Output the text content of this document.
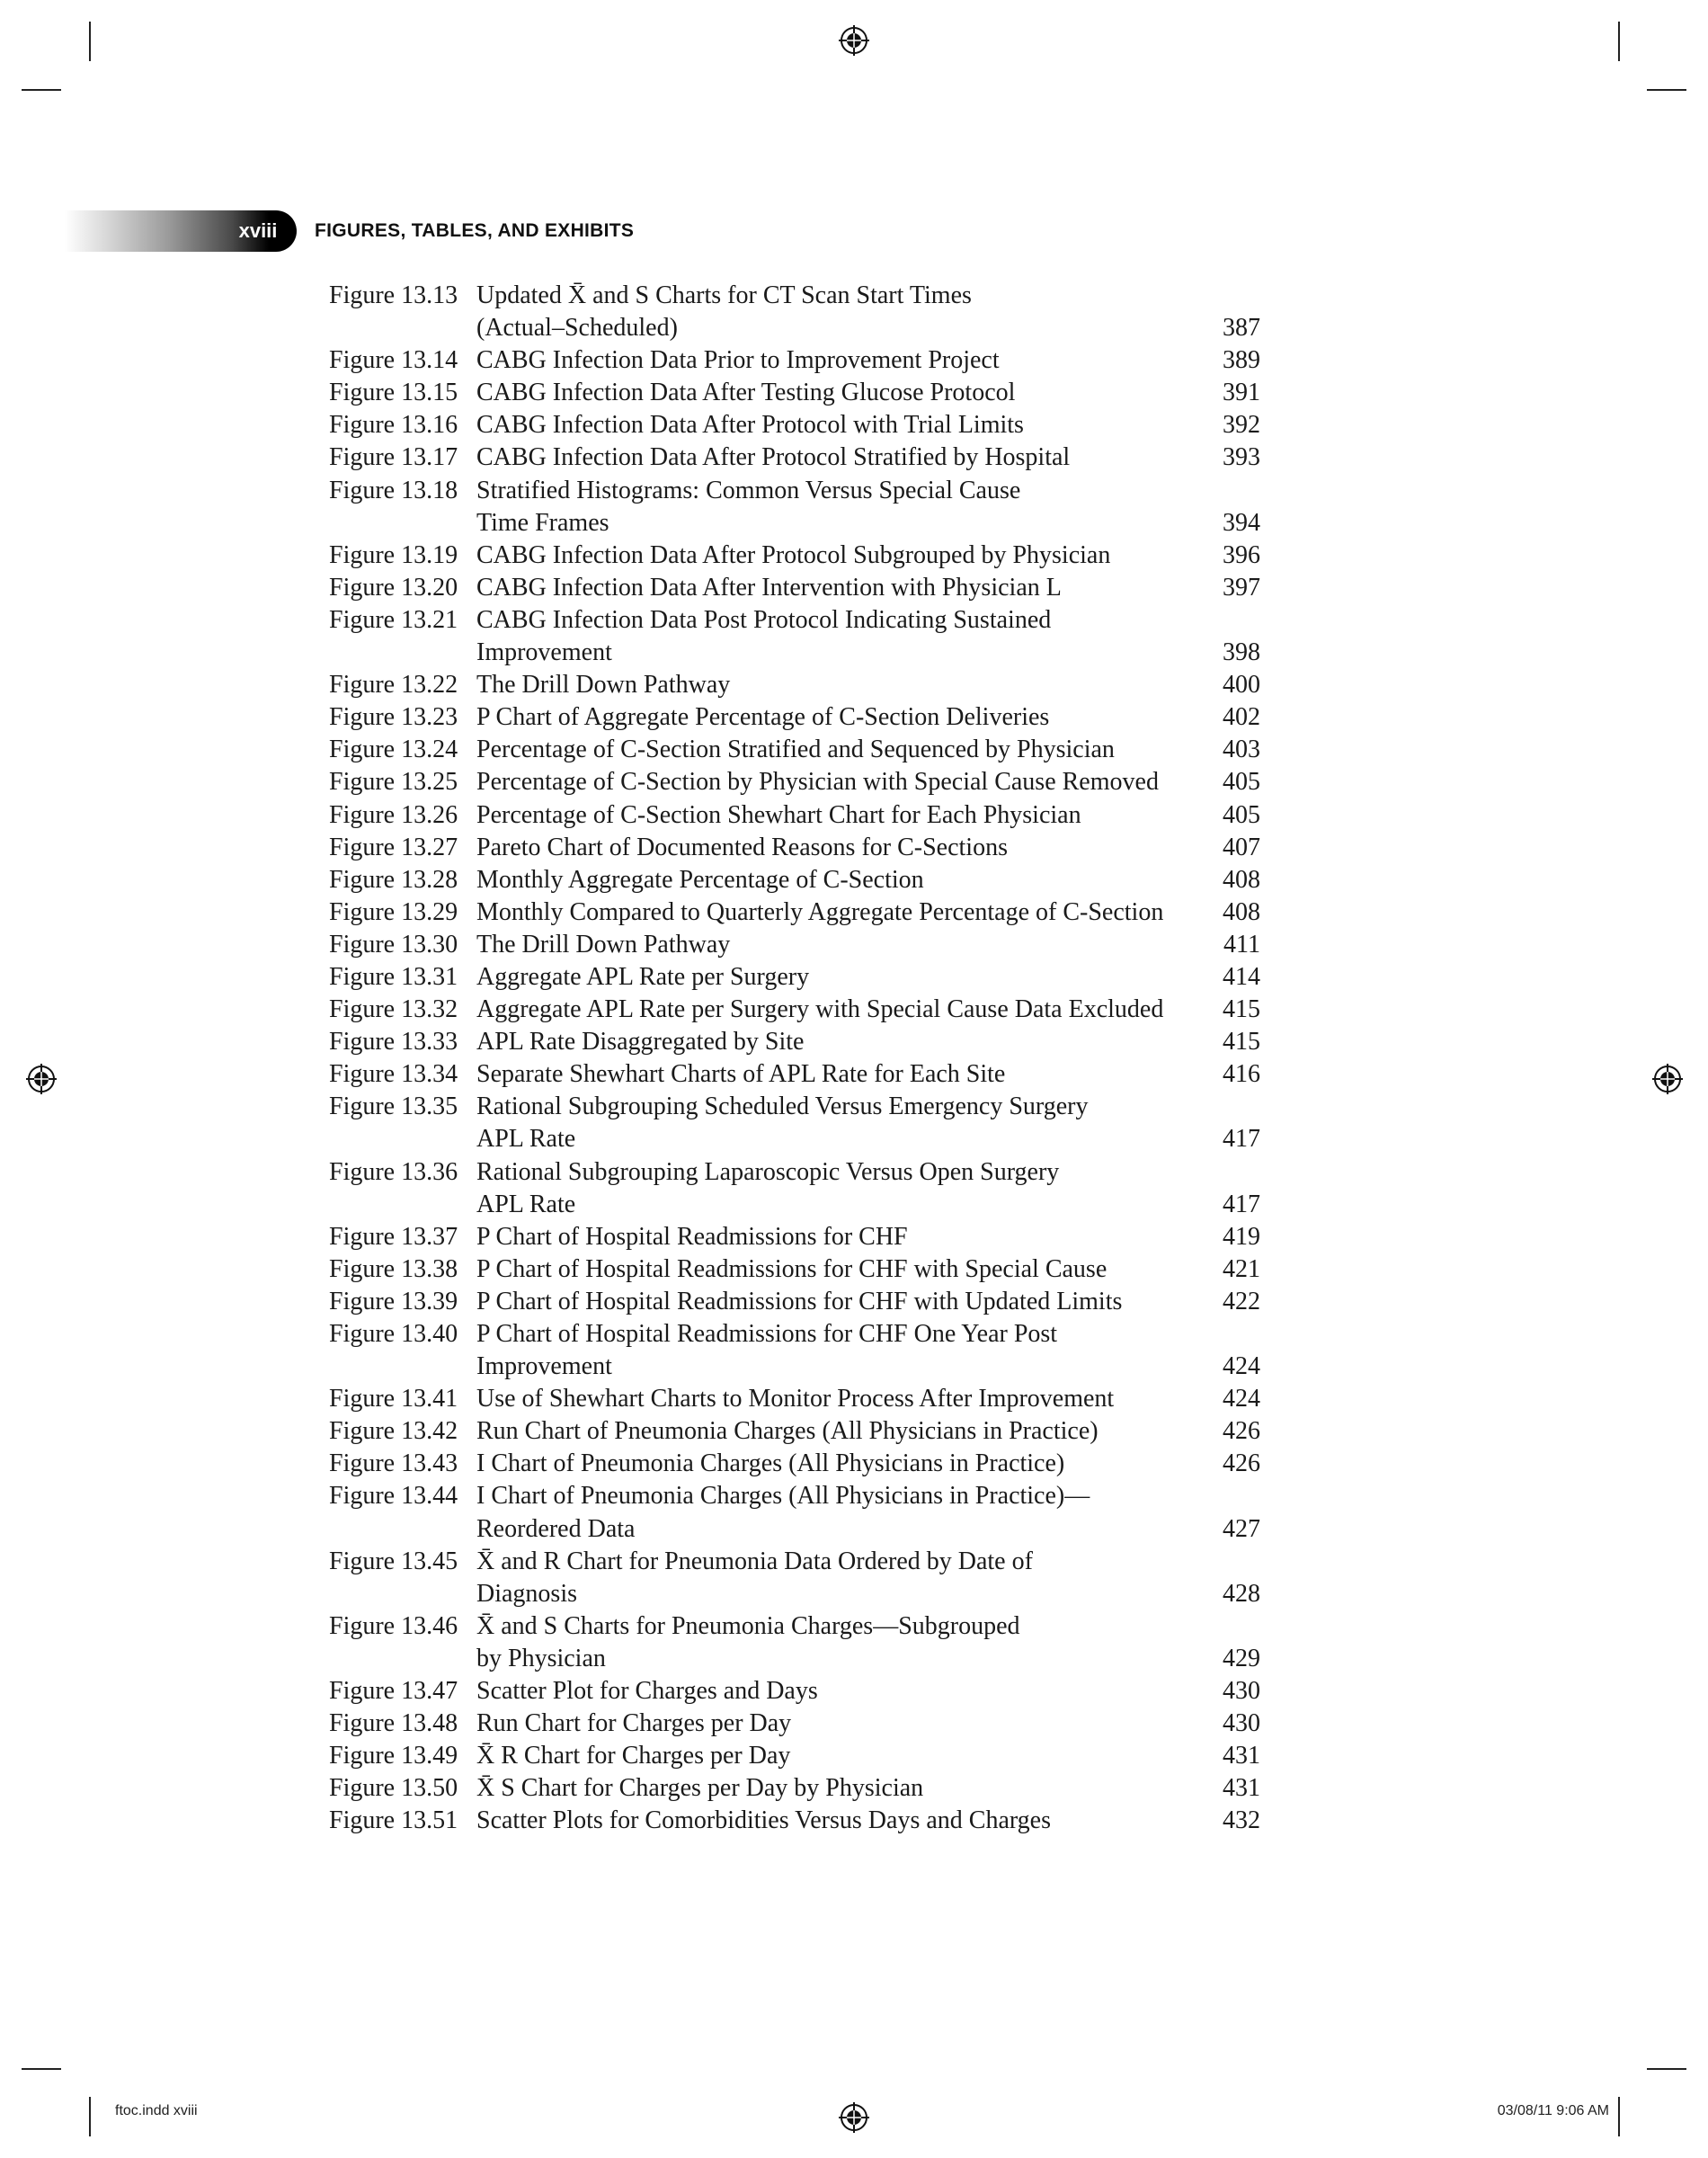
xviii	FIGURES, TABLES, AND EXHIBITS
Figure 13.13 Updated X̄ and S Charts for CT Scan Start Times
(Actual–Scheduled)	387
Figure 13.14 CABG Infection Data Prior to Improvement Project	389
Figure 13.15 CABG Infection Data After Testing Glucose Protocol	391
Figure 13.16 CABG Infection Data After Protocol with Trial Limits	392
Figure 13.17 CABG Infection Data After Protocol Stratified by Hospital	393
Figure 13.18 Stratified Histograms: Common Versus Special Cause
Time Frames	394
Figure 13.19 CABG Infection Data After Protocol Subgrouped by Physician	396
Figure 13.20 CABG Infection Data After Intervention with Physician L	397
Figure 13.21 CABG Infection Data Post Protocol Indicating Sustained
Improvement	398
Figure 13.22 The Drill Down Pathway	400
Figure 13.23 P Chart of Aggregate Percentage of C-Section Deliveries	402
Figure 13.24 Percentage of C-Section Stratified and Sequenced by Physician	403
Figure 13.25 Percentage of C-Section by Physician with Special Cause Removed	405
Figure 13.26 Percentage of C-Section Shewhart Chart for Each Physician	405
Figure 13.27 Pareto Chart of Documented Reasons for C-Sections	407
Figure 13.28 Monthly Aggregate Percentage of C-Section	408
Figure 13.29 Monthly Compared to Quarterly Aggregate Percentage of C-Section 408
Figure 13.30 The Drill Down Pathway	411
Figure 13.31 Aggregate APL Rate per Surgery	414
Figure 13.32 Aggregate APL Rate per Surgery with Special Cause Data Excluded 415
Figure 13.33 APL Rate Disaggregated by Site	415
Figure 13.34 Separate Shewhart Charts of APL Rate for Each Site	416
Figure 13.35 Rational Subgrouping Scheduled Versus Emergency Surgery
APL Rate	417
Figure 13.36 Rational Subgrouping Laparoscopic Versus Open Surgery
APL Rate	417
Figure 13.37 P Chart of Hospital Readmissions for CHF	419
Figure 13.38 P Chart of Hospital Readmissions for CHF with Special Cause	421
Figure 13.39 P Chart of Hospital Readmissions for CHF with Updated Limits	422
Figure 13.40 P Chart of Hospital Readmissions for CHF One Year Post
Improvement	424
Figure 13.41 Use of Shewhart Charts to Monitor Process After Improvement	424
Figure 13.42 Run Chart of Pneumonia Charges (All Physicians in Practice)	426
Figure 13.43 I Chart of Pneumonia Charges (All Physicians in Practice)	426
Figure 13.44 I Chart of Pneumonia Charges (All Physicians in Practice)—
Reordered Data	427
Figure 13.45 X̄ and R Chart for Pneumonia Data Ordered by Date of
Diagnosis	428
Figure 13.46 X̄ and S Charts for Pneumonia Charges—Subgrouped
by Physician	429
Figure 13.47 Scatter Plot for Charges and Days	430
Figure 13.48 Run Chart for Charges per Day	430
Figure 13.49 X̄ R Chart for Charges per Day	431
Figure 13.50 X̄ S Chart for Charges per Day by Physician	431
Figure 13.51 Scatter Plots for Comorbidities Versus Days and Charges	432
ftoc.indd xviii	03/08/11 9:06 AM
